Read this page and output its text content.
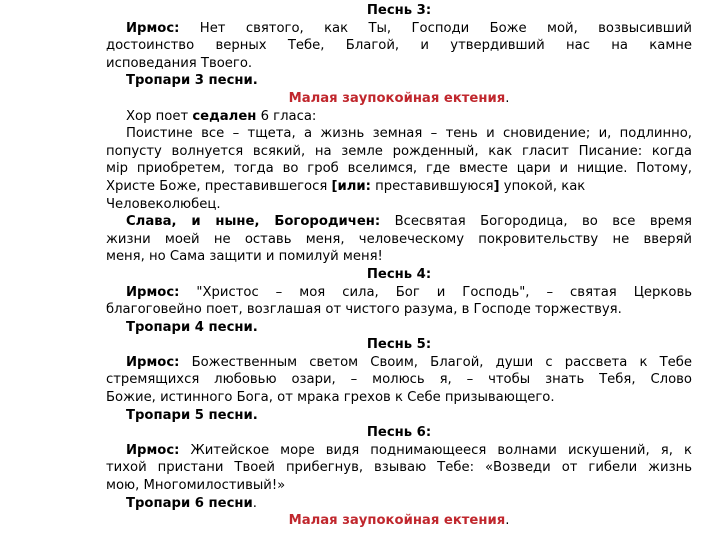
Песнь 3:
Ирмос: Нет святого, как Ты, Господи Боже мой, возвысивший
достоинство верных Тебе, Благой, и утвердивший нас на камне
исповедания Твоего.
Тропари 3 песни.
Малая заупокойная ектения.
Хор поет седален 6 гласа:
Поистине все – тщета, а жизнь земная – тень и сновидение; и, подлинно,
попусту волнуется всякий, на земле рожденный, как гласит Писание: когда
мiр приобретем, тогда во гроб вселимся, где вместе цари и нищие. Потому,
Христе Боже, преставившегося [или: преставившуюся] упокой, как
Человеколюбец.
Слава, и ныне, Богородичен: Всесвятая Богородица, во все время
жизни моей не оставь меня, человеческому покровительству не вверяй
меня, но Сама защити и помилуй меня!
Песнь 4:
Ирмос: "Христос – моя сила, Бог и Господь", – святая Церковь
благоговейно поет, возглашая от чистого разума, в Господе торжествуя.
Тропари 4 песни.
Песнь 5:
Ирмос: Божественным светом Своим, Благой, души с рассвета к Тебе
стремящихся любовью озари, – молюсь я, – чтобы знать Тебя, Слово
Божие, истинного Бога, от мрака грехов к Себе призывающего.
Тропари 5 песни.
Песнь 6:
Ирмос: Житейское море видя поднимающееся волнами искушений, я, к
тихой пристани Твоей прибегнув, взываю Тебе: «Возведи от гибели жизнь
мою, Многомилостивый!»
Тропари 6 песни.
Малая заупокойная ектения.
